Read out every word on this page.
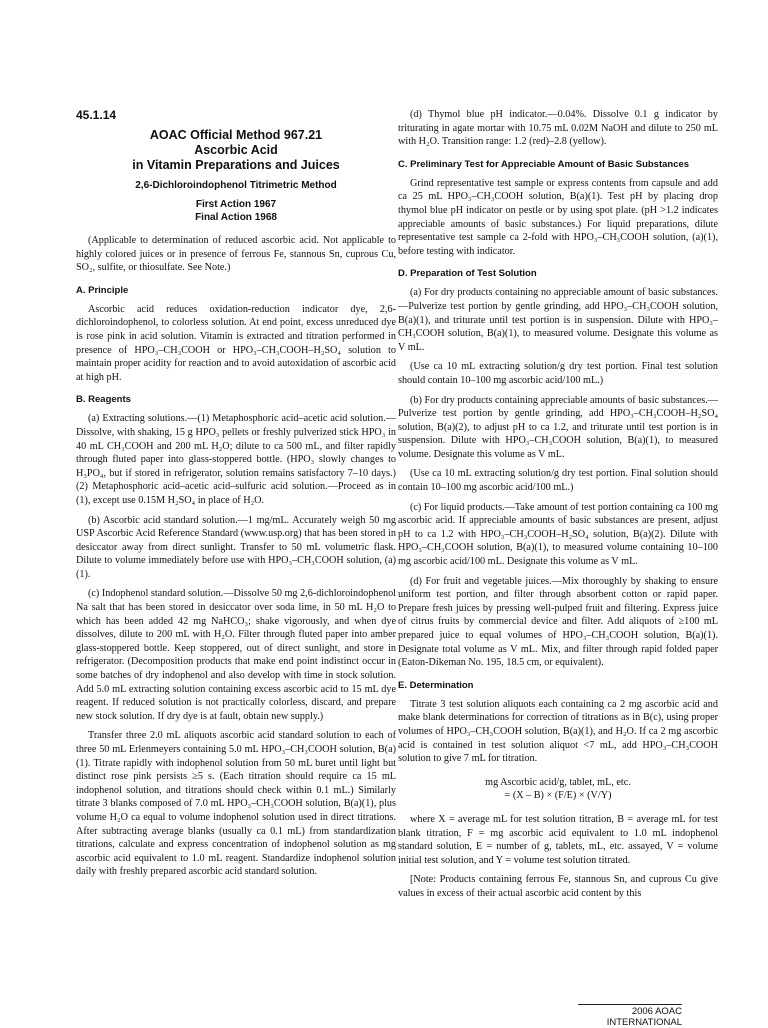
45.1.14
AOAC Official Method 967.21
Ascorbic Acid
in Vitamin Preparations and Juices
2,6-Dichloroindophenol Titrimetric Method
First Action 1967
Final Action 1968

(Applicable to determination of reduced ascorbic acid. Not applicable to highly colored juices or in presence of ferrous Fe, stannous Sn, cuprous Cu, SO₂, sulfite, or thiosulfate. See Note.)

A. Principle

Ascorbic acid reduces oxidation-reduction indicator dye, 2,6-dichloroindophenol, to colorless solution. At end point, excess unreduced dye is rose pink in acid solution. Vitamin is extracted and titration performed in presence of HPO₃–CH₃COOH or HPO₃–CH₃COOH–H₂SO₄ solution to maintain proper acidity for reaction and to avoid autoxidation of ascorbic acid at high pH.

B. Reagents

(a) Extracting solutions.—(1) Metaphosphoric acid–acetic acid solution.—Dissolve, with shaking, 15 g HPO₃ pellets or freshly pulverized stick HPO₃ in 40 mL CH₃COOH and 200 mL H₂O; dilute to ca 500 mL, and filter rapidly through fluted paper into glass-stoppered bottle. (HPO₃ slowly changes to H₃PO₄, but if stored in refrigerator, solution remains satisfactory 7–10 days.) (2) Metaphosphoric acid–acetic acid–sulfuric acid solution.—Proceed as in (1), except use 0.15M H₂SO₄ in place of H₂O.

(b) Ascorbic acid standard solution.—1 mg/mL. Accurately weigh 50 mg USP Ascorbic Acid Reference Standard (www.usp.org) that has been stored in desiccator away from direct sunlight. Transfer to 50 mL volumetric flask. Dilute to volume immediately before use with HPO₃–CH₃COOH solution, (a)(1).

(c) Indophenol standard solution.—Dissolve 50 mg 2,6-dichloroindophenol Na salt that has been stored in desiccator over soda lime, in 50 mL H₂O to which has been added 42 mg NaHCO₃; shake vigorously, and when dye dissolves, dilute to 200 mL with H₂O. Filter through fluted paper into amber glass-stoppered bottle. Keep stoppered, out of direct sunlight, and store in refrigerator. (Decomposition products that make end point indistinct occur in some batches of dry indophenol and also develop with time in stock solution. Add 5.0 mL extracting solution containing excess ascorbic acid to 15 mL dye reagent. If reduced solution is not practically colorless, discard, and prepare new stock solution. If dry dye is at fault, obtain new supply.)

Transfer three 2.0 mL aliquots ascorbic acid standard solution to each of three 50 mL Erlenmeyers containing 5.0 mL HPO₃–CH₃COOH solution, B(a)(1). Titrate rapidly with indophenol solution from 50 mL buret until light but distinct rose pink persists ≥5 s. (Each titration should require ca 15 mL indophenol solution, and titrations should check within 0.1 mL.) Similarly titrate 3 blanks composed of 7.0 mL HPO₃–CH₃COOH solution, B(a)(1), plus volume H₂O ca equal to volume indophenol solution used in direct titrations. After subtracting average blanks (usually ca 0.1 mL) from standardization titrations, calculate and express concentration of indophenol solution as mg ascorbic acid equivalent to 1.0 mL reagent. Standardize indophenol solution daily with freshly prepared ascorbic acid standard solution.

(d) Thymol blue pH indicator.—0.04%. Dissolve 0.1 g indicator by triturating in agate mortar with 10.75 mL 0.02M NaOH and dilute to 250 mL with H₂O. Transition range: 1.2 (red)–2.8 (yellow).

C. Preliminary Test for Appreciable Amount of Basic Substances

Grind representative test sample or express contents from capsule and add ca 25 mL HPO₃–CH₃COOH solution, B(a)(1). Test pH by placing drop thymol blue pH indicator on pestle or by using spot plate. (pH >1.2 indicates appreciable amounts of basic substances.) For liquid preparations, dilute representative test sample ca 2-fold with HPO₃–CH₃COOH solution, (a)(1), before testing with indicator.

D. Preparation of Test Solution

(a) For dry products containing no appreciable amount of basic substances.—Pulverize test portion by gentle grinding, add HPO₃–CH₃COOH solution, B(a)(1), and triturate until test portion is in suspension. Dilute with HPO₃–CH₃COOH solution, B(a)(1), to measured volume. Designate this volume as V mL.

(Use ca 10 mL extracting solution/g dry test portion. Final test solution should contain 10–100 mg ascorbic acid/100 mL.)

(b) For dry products containing appreciable amounts of basic substances.—Pulverize test portion by gentle grinding, add HPO₃–CH₃COOH–H₂SO₄ solution, B(a)(2), to adjust pH to ca 1.2, and triturate until test portion is in suspension. Dilute with HPO₃–CH₃COOH solution, B(a)(1), to measured volume. Designate this volume as V mL.

(Use ca 10 mL extracting solution/g dry test portion. Final solution should contain 10–100 mg ascorbic acid/100 mL.)

(c) For liquid products.—Take amount of test portion containing ca 100 mg ascorbic acid. If appreciable amounts of basic substances are present, adjust pH to ca 1.2 with HPO₃–CH₃COOH–H₂SO₄ solution, B(a)(2). Dilute with HPO₃–CH₃COOH solution, B(a)(1), to measured volume containing 10–100 mg ascorbic acid/100 mL. Designate this volume as V mL.

(d) For fruit and vegetable juices.—Mix thoroughly by shaking to ensure uniform test portion, and filter through absorbent cotton or rapid paper. Prepare fresh juices by pressing well-pulped fruit and filtering. Express juice of citrus fruits by commercial device and filter. Add aliquots of ≥100 mL prepared juice to equal volumes of HPO₃–CH₃COOH solution, B(a)(1). Designate total volume as V mL. Mix, and filter through rapid folded paper (Eaton-Dikeman No. 195, 18.5 cm, or equivalent).

E. Determination

Titrate 3 test solution aliquots each containing ca 2 mg ascorbic acid and make blank determinations for correction of titrations as in B(c), using proper volumes of HPO₃–CH₃COOH solution, B(a)(1), and H₂O. If ca 2 mg ascorbic acid is contained in test solution aliquot <7 mL, add HPO₃–CH₃COOH solution to give 7 mL for titration.

mg Ascorbic acid/g, tablet, mL, etc.
= (X – B) × (F/E) × (V/Y)

where X = average mL for test solution titration, B = average mL for test blank titration, F = mg ascorbic acid equivalent to 1.0 mL indophenol standard solution, E = number of g, tablets, mL, etc. assayed, V = volume initial test solution, and Y = volume test solution titrated.

[Note: Products containing ferrous Fe, stannous Sn, and cuprous Cu give values in excess of their actual ascorbic acid content by this

2006 AOAC INTERNATIONAL
